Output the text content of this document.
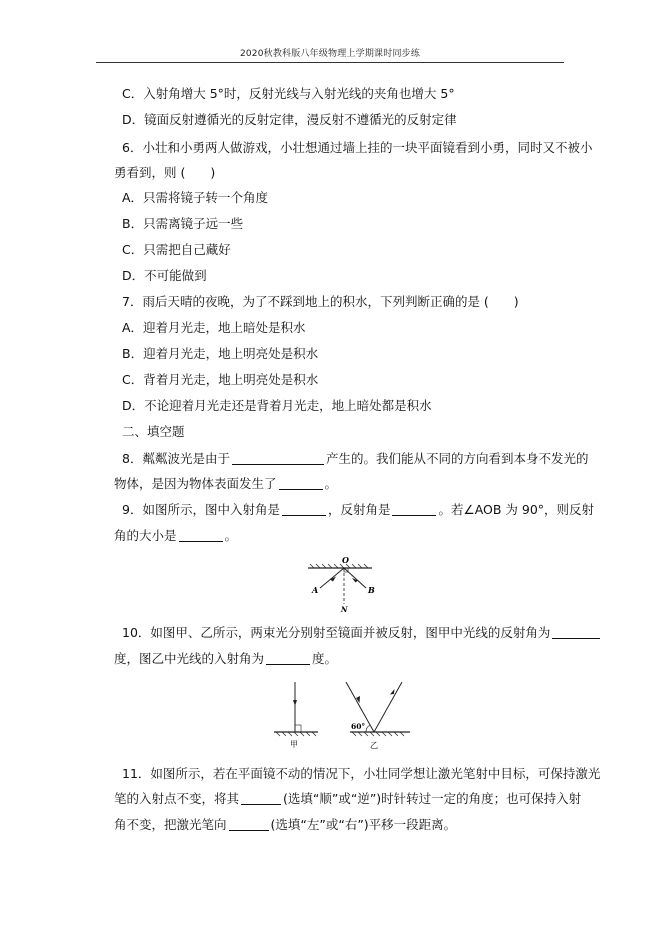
2020秋教科版八年级物理上学期课时同步练
C．入射角增大 5°时，反射光线与入射光线的夹角也增大 5°
D．镜面反射遵循光的反射定律，漫反射不遵循光的反射定律
6．小壮和小勇两人做游戏，小壮想通过墙上挂的一块平面镜看到小勇，同时又不被小
勇看到，则 (　　)
A．只需将镜子转一个角度
B．只需离镜子远一些
C．只需把自己藏好
D．不可能做到
7．雨后天晴的夜晚，为了不踩到地上的积水，下列判断正确的是 (　　)
A．迎着月光走，地上暗处是积水
B．迎着月光走，地上明亮处是积水
C．背着月光走，地上明亮处是积水
D．不论迎着月光走还是背着月光走，地上暗处都是积水
二、填空题
8．粼粼波光是由于	产生的。我们能从不同的方向看到本身不发光的
物体，是因为物体表面发生了	。
9．如图所示，图中入射角是	，反射角是	。若∠AOB 为 90°，则反射
角的大小是	。
O
A	B
N
10．如图甲、乙所示，两束光分别射至镜面并被反射，图甲中光线的反射角为
度，图乙中光线的入射角为	度。
甲
60°
乙
11．如图所示，若在平面镜不动的情况下，小壮同学想让激光笔射中目标，可保持激光
笔的入射点不变，将其	(选填“顺”或“逆”)时针转过一定的角度；也可保持入射
角不变，把激光笔向	(选填“左”或“右”)平移一段距离。
